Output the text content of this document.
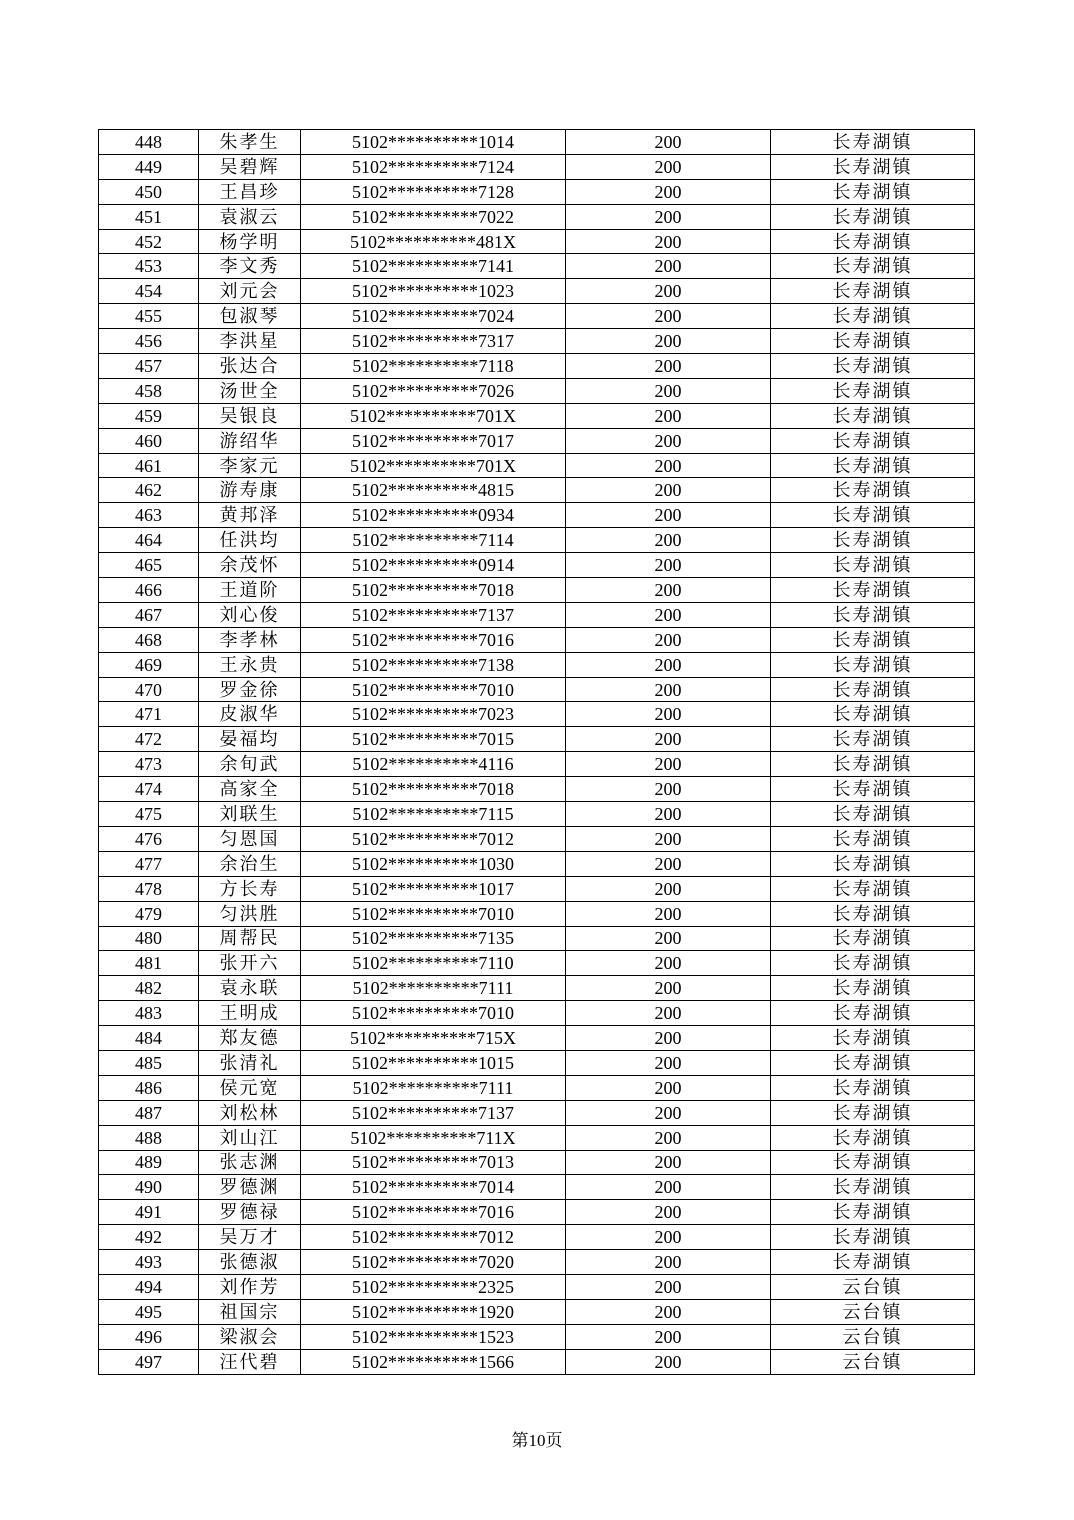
448	朱孝生	5102**********1014	200	长寿湖镇
449	吴碧辉	5102**********7124	200	长寿湖镇
450	王昌珍	5102**********7128	200	长寿湖镇
451	袁淑云	5102**********7022	200	长寿湖镇
452	杨学明	5102**********481X	200	长寿湖镇
453	李文秀	5102**********7141	200	长寿湖镇
454	刘元会	5102**********1023	200	长寿湖镇
455	包淑琴	5102**********7024	200	长寿湖镇
456	李洪星	5102**********7317	200	长寿湖镇
457	张达合	5102**********7118	200	长寿湖镇
458	汤世全	5102**********7026	200	长寿湖镇
459	吴银良	5102**********701X	200	长寿湖镇
460	游绍华	5102**********7017	200	长寿湖镇
461	李家元	5102**********701X	200	长寿湖镇
462	游寿康	5102**********4815	200	长寿湖镇
463	黄邦泽	5102**********0934	200	长寿湖镇
464	任洪均	5102**********7114	200	长寿湖镇
465	余茂怀	5102**********0914	200	长寿湖镇
466	王道阶	5102**********7018	200	长寿湖镇
467	刘心俊	5102**********7137	200	长寿湖镇
468	李孝林	5102**********7016	200	长寿湖镇
469	王永贵	5102**********7138	200	长寿湖镇
470	罗金徐	5102**********7010	200	长寿湖镇
471	皮淑华	5102**********7023	200	长寿湖镇
472	晏福均	5102**********7015	200	长寿湖镇
473	余旬武	5102**********4116	200	长寿湖镇
474	高家全	5102**********7018	200	长寿湖镇
475	刘联生	5102**********7115	200	长寿湖镇
476	匀恩国	5102**********7012	200	长寿湖镇
477	余治生	5102**********1030	200	长寿湖镇
478	方长寿	5102**********1017	200	长寿湖镇
479	匀洪胜	5102**********7010	200	长寿湖镇
480	周帮民	5102**********7135	200	长寿湖镇
481	张开六	5102**********7110	200	长寿湖镇
482	袁永联	5102**********7111	200	长寿湖镇
483	王明成	5102**********7010	200	长寿湖镇
484	郑友德	5102**********715X	200	长寿湖镇
485	张清礼	5102**********1015	200	长寿湖镇
486	侯元宽	5102**********7111	200	长寿湖镇
487	刘松林	5102**********7137	200	长寿湖镇
488	刘山江	5102**********711X	200	长寿湖镇
489	张志渊	5102**********7013	200	长寿湖镇
490	罗德渊	5102**********7014	200	长寿湖镇
491	罗德禄	5102**********7016	200	长寿湖镇
492	吴万才	5102**********7012	200	长寿湖镇
493	张德淑	5102**********7020	200	长寿湖镇
494	刘作芳	5102**********2325	200	云台镇
495	祖国宗	5102**********1920	200	云台镇
496	梁淑会	5102**********1523	200	云台镇
497	汪代碧	5102**********1566	200	云台镇
第10页
